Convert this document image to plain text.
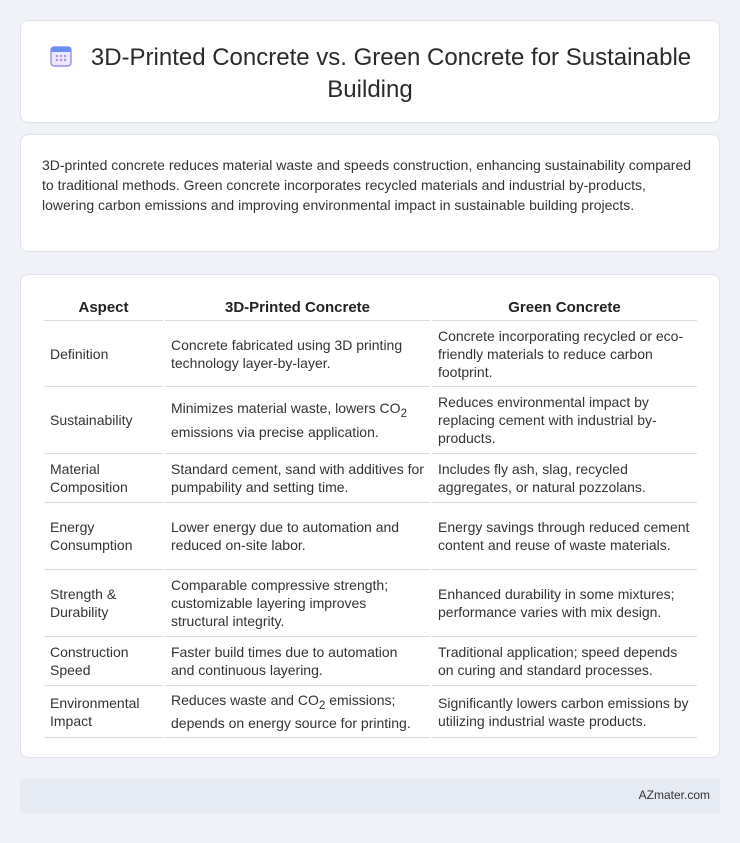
3D-Printed Concrete vs. Green Concrete for Sustainable Building

3D-printed concrete reduces material waste and speeds construction, enhancing sustainability compared to traditional methods. Green concrete incorporates recycled materials and industrial by-products, lowering carbon emissions and improving environmental impact in sustainable building projects.

Aspect	3D-Printed Concrete	Green Concrete
Definition	Concrete fabricated using 3D printing technology layer-by-layer.	Concrete incorporating recycled or eco-friendly materials to reduce carbon footprint.
Sustainability	Minimizes material waste, lowers $CO_2$ emissions via precise application.	Reduces environmental impact by replacing cement with industrial by-products.
Material Composition	Standard cement, sand with additives for pumpability and setting time.	Includes fly ash, slag, recycled aggregates, or natural pozzolans.
Energy Consumption	Lower energy due to automation and reduced on-site labor.	Energy savings through reduced cement content and reuse of waste materials.
Strength & Durability	Comparable compressive strength; customizable layering improves structural integrity.	Enhanced durability in some mixtures; performance varies with mix design.
Construction Speed	Faster build times due to automation and continuous layering.	Traditional application; speed depends on curing and standard processes.
Environmental Impact	Reduces waste and $CO_2$ emissions; depends on energy source for printing.	Significantly lowers carbon emissions by utilizing industrial waste products.
AZmater.com
